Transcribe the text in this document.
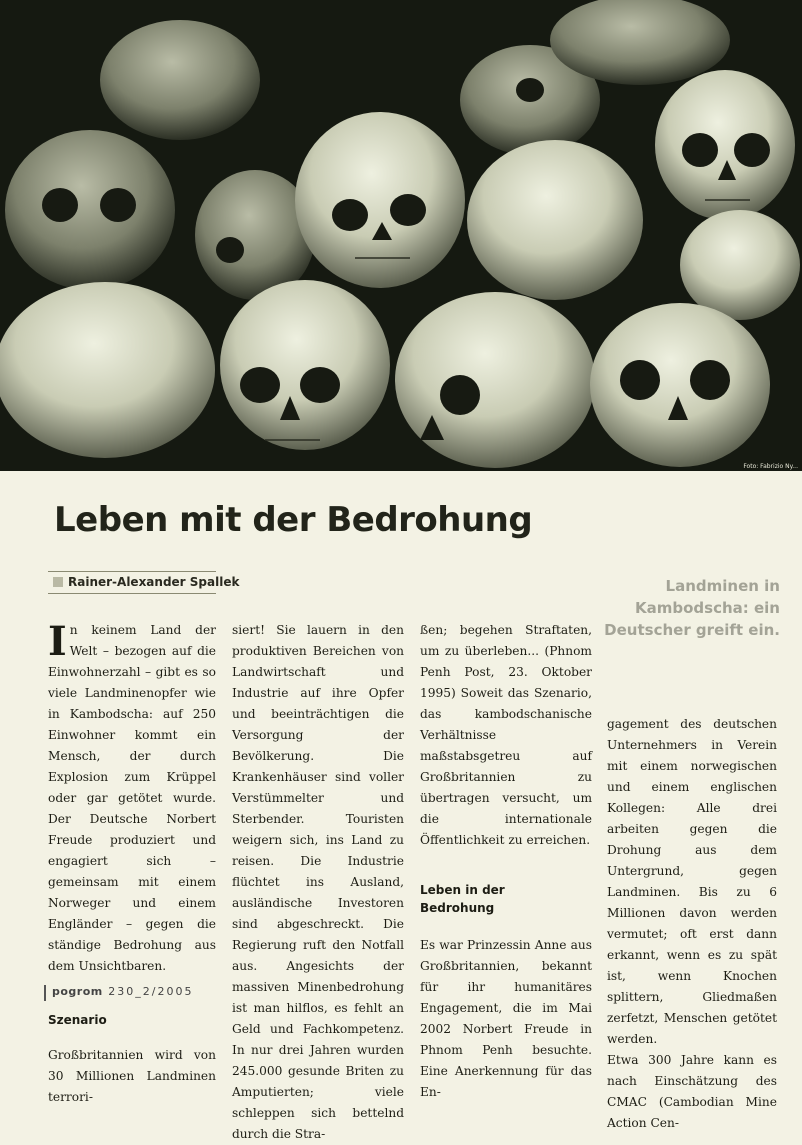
Foto: Fabrizio Ny...
Leben mit der Bedrohung
Rainer-Alexander Spallek	Landminen in Kambodscha: ein Deutscher greift ein.

In keinem Land der Welt – bezogen auf die Einwohnerzahl – gibt es so viele Landminenopfer wie in Kambodscha: auf 250 Einwohner kommt ein Mensch, der durch Explosion zum Krüppel oder gar getötet wurde. Der Deutsche Norbert Freude produziert und engagiert sich – gemeinsam mit einem Norweger und einem Engländer – gegen die ständige Bedrohung aus dem Unsichtbaren.

Szenario

Großbritannien wird von 30 Millionen Landminen terrori-

siert! Sie lauern in den produktiven Bereichen von Landwirtschaft und Industrie auf ihre Opfer und beeinträchtigen die Versorgung der Bevölkerung. Die Krankenhäuser sind voller Verstümmelter und Sterbender. Touristen weigern sich, ins Land zu reisen. Die Industrie flüchtet ins Ausland, ausländische Investoren sind abgeschreckt. Die Regierung ruft den Notfall aus. Angesichts der massiven Minenbedrohung ist man hilflos, es fehlt an Geld und Fachkompetenz. In nur drei Jahren wurden 245.000 gesunde Briten zu Amputierten; viele schleppen sich bettelnd durch die Stra-

ßen; begehen Straftaten, um zu überleben... (Phnom Penh Post, 23. Oktober 1995) Soweit das Szenario, das kambodschanische Verhältnisse maßstabsgetreu auf Großbritannien zu übertragen versucht, um die internationale Öffentlichkeit zu erreichen.

Leben in der
Bedrohung

Es war Prinzessin Anne aus Großbritannien, bekannt für ihr humanitäres Engagement, die im Mai 2002 Norbert Freude in Phnom Penh besuchte. Eine Anerkennung für das En-

gagement des deutschen Unternehmers in Verein mit einem norwegischen und einem englischen Kollegen: Alle drei arbeiten gegen die Drohung aus dem Untergrund, gegen Landminen. Bis zu 6 Millionen davon werden vermutet; oft erst dann erkannt, wenn es zu spät ist, wenn Knochen splittern, Gliedmaßen zerfetzt, Menschen getötet werden.

Etwa 300 Jahre kann es nach Einschätzung des CMAC (Cambodian Mine Action Cen-

pogrom 230_2/2005
